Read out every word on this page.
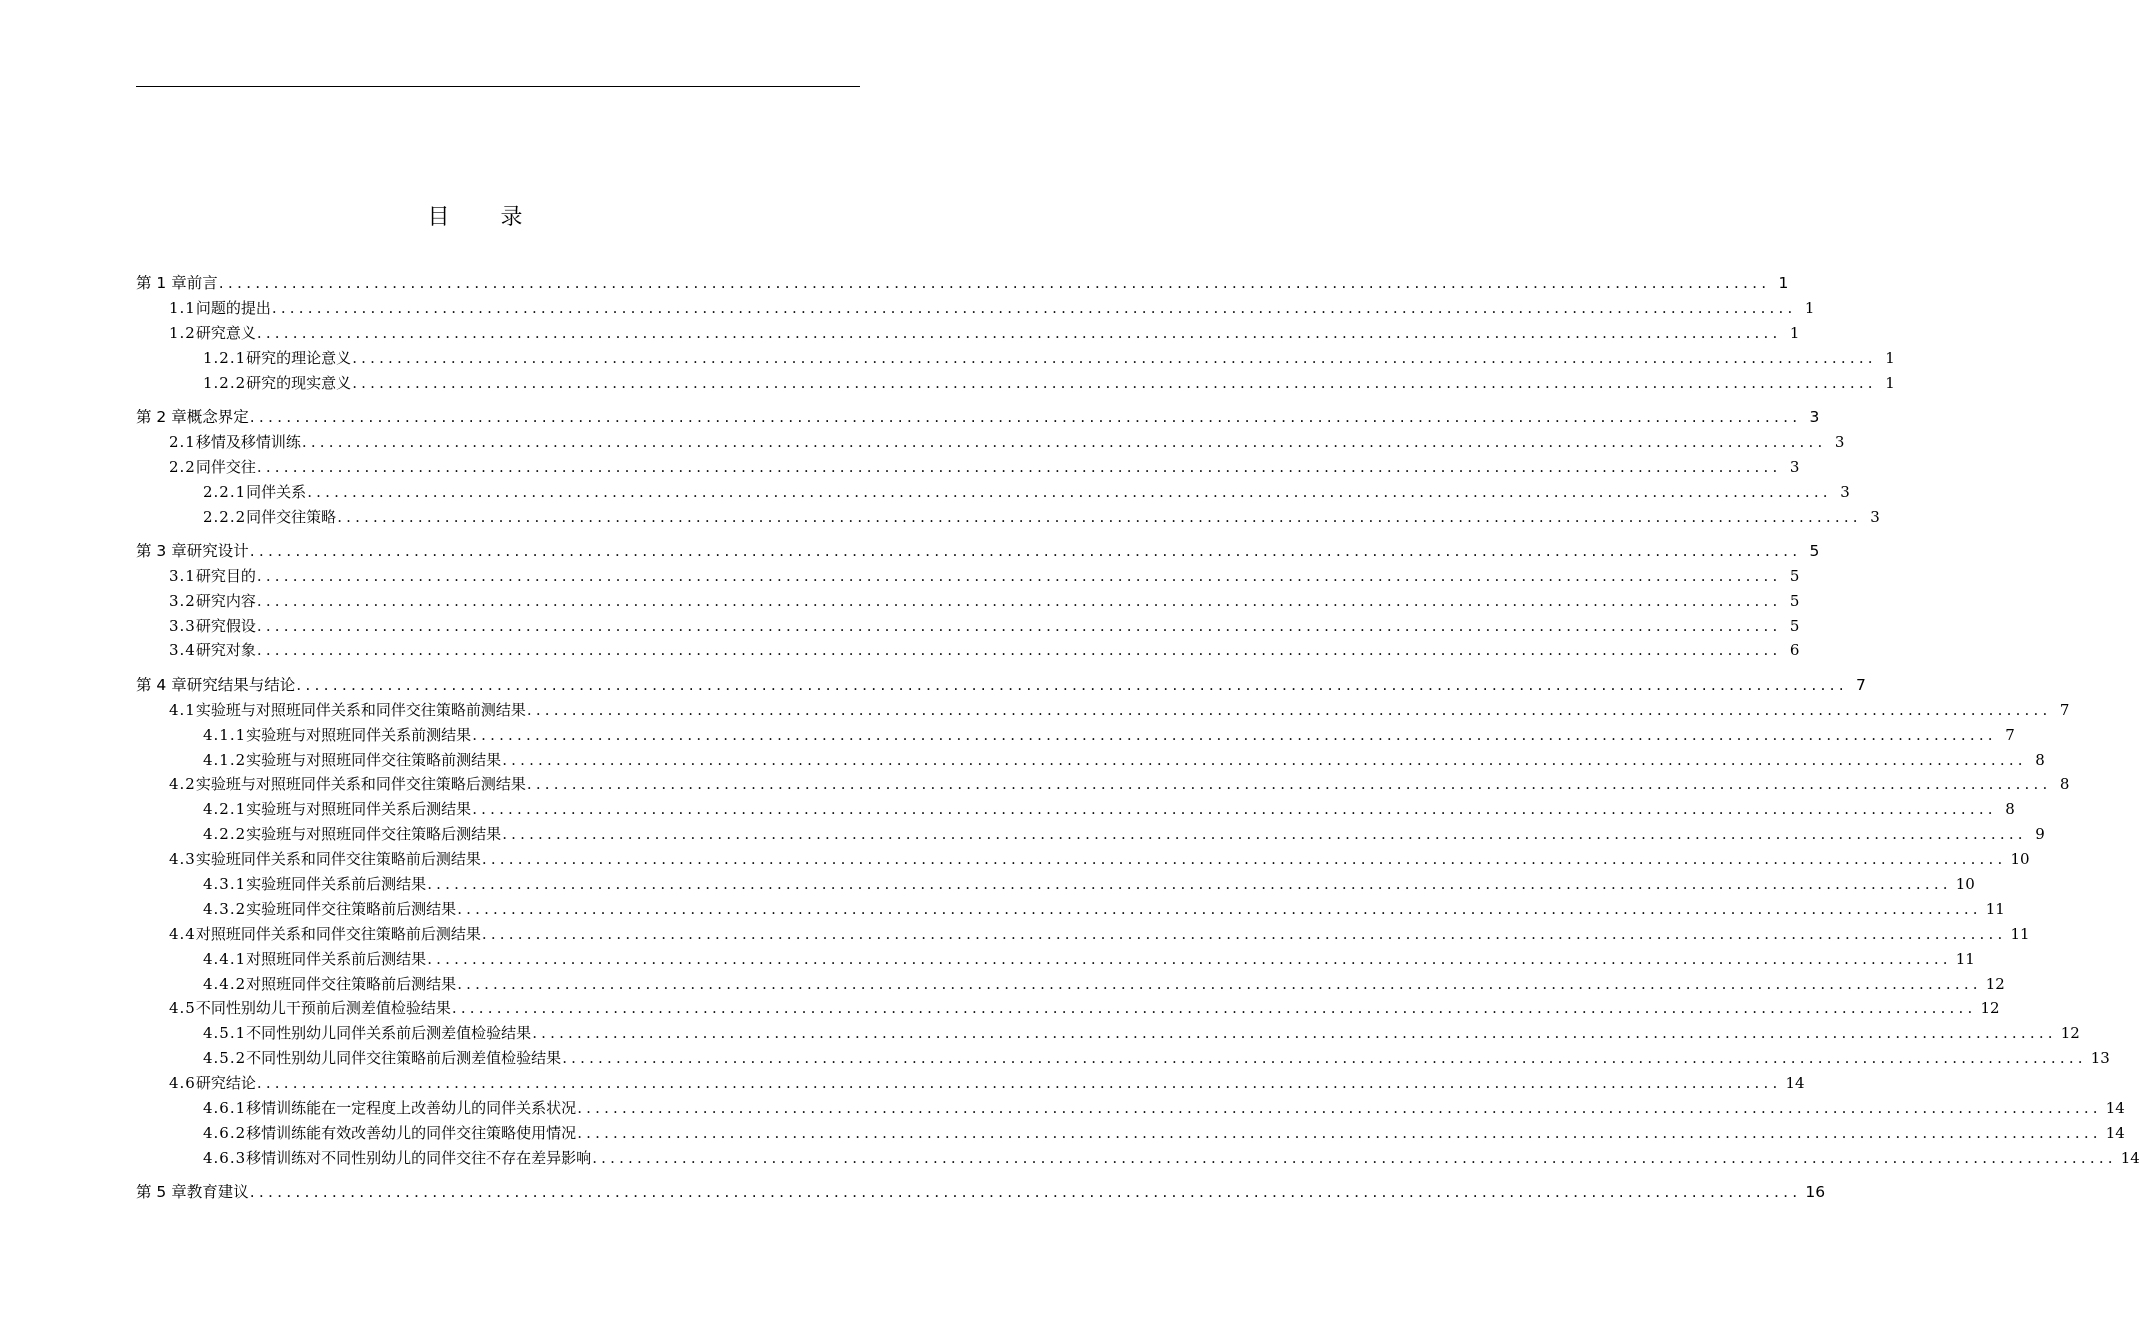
目 录
第 1 章 前言 .......................................................................................................................................................................... 1
1.1 问题的提出 .......................................................................................................................................................................... 1
1.2 研究意义 .......................................................................................................................................................................... 1
1.2.1 研究的理论意义 .......................................................................................................................................................................... 1
1.2.2 研究的现实意义 .......................................................................................................................................................................... 1
第 2 章 概念界定 .......................................................................................................................................................................... 3
2.1 移情及移情训练 .......................................................................................................................................................................... 3
2.2 同伴交往 .......................................................................................................................................................................... 3
2.2.1 同伴关系 .......................................................................................................................................................................... 3
2.2.2 同伴交往策略 .......................................................................................................................................................................... 3
第 3 章 研究设计 .......................................................................................................................................................................... 5
3.1 研究目的 .......................................................................................................................................................................... 5
3.2 研究内容 .......................................................................................................................................................................... 5
3.3 研究假设 .......................................................................................................................................................................... 5
3.4 研究对象 .......................................................................................................................................................................... 6
第 4 章 研究结果与结论 .......................................................................................................................................................................... 7
4.1 实验班与对照班同伴关系和同伴交往策略前测结果 .......................................................................................................................................................................... 7
4.1.1 实验班与对照班同伴关系前测结果 .......................................................................................................................................................................... 7
4.1.2 实验班与对照班同伴交往策略前测结果 .......................................................................................................................................................................... 8
4.2 实验班与对照班同伴关系和同伴交往策略后测结果 .......................................................................................................................................................................... 8
4.2.1 实验班与对照班同伴关系后测结果 .......................................................................................................................................................................... 8
4.2.2 实验班与对照班同伴交往策略后测结果 .......................................................................................................................................................................... 9
4.3 实验班同伴关系和同伴交往策略前后测结果 .......................................................................................................................................................................... 10
4.3.1 实验班同伴关系前后测结果 .......................................................................................................................................................................... 10
4.3.2 实验班同伴交往策略前后测结果 .......................................................................................................................................................................... 11
4.4 对照班同伴关系和同伴交往策略前后测结果 .......................................................................................................................................................................... 11
4.4.1 对照班同伴关系前后测结果 .......................................................................................................................................................................... 11
4.4.2 对照班同伴交往策略前后测结果 .......................................................................................................................................................................... 12
4.5 不同性别幼儿干预前后测差值检验结果 .......................................................................................................................................................................... 12
4.5.1 不同性别幼儿同伴关系前后测差值检验结果 .......................................................................................................................................................................... 12
4.5.2 不同性别幼儿同伴交往策略前后测差值检验结果 .......................................................................................................................................................................... 13
4.6 研究结论 .......................................................................................................................................................................... 14
4.6.1 移情训练能在一定程度上改善幼儿的同伴关系状况 .......................................................................................................................................................................... 14
4.6.2 移情训练能有效改善幼儿的同伴交往策略使用情况 .......................................................................................................................................................................... 14
4.6.3 移情训练对不同性别幼儿的同伴交往不存在差异影响 .......................................................................................................................................................................... 14
第 5 章 教育建议 .......................................................................................................................................................................... 16
